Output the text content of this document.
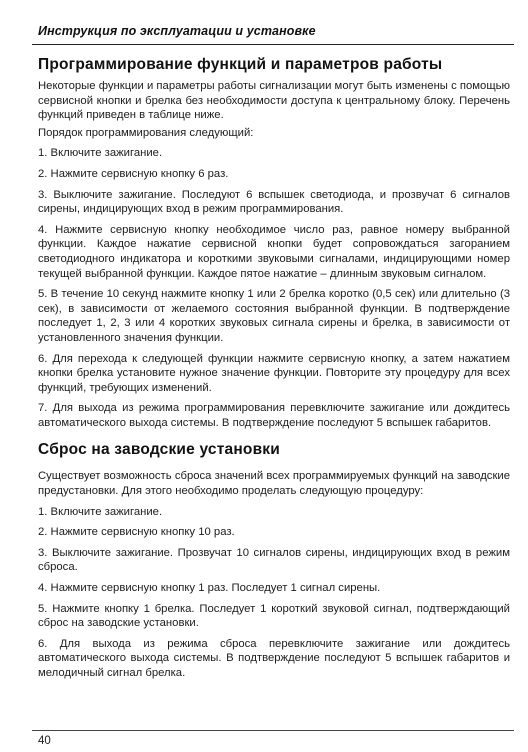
Инструкция по эксплуатации и установке
Программирование функций и параметров работы

Некоторые функции и параметры работы сигнализации могут быть изменены с помощью сервисной кнопки и брелка без необходимости доступа к центральному блоку. Перечень функций приведен в таблице ниже.

Порядок программирования следующий:

1. Включите зажигание.

2. Нажмите сервисную кнопку 6 раз.

3. Выключите зажигание. Последуют 6 вспышек светодиода, и прозвучат 6 сигналов сирены, индицирующих вход в режим программирования.

4. Нажмите сервисную кнопку необходимое число раз, равное номеру выбранной функции. Каждое нажатие сервисной кнопки будет сопровождаться загоранием светодиодного индикатора и короткими звуковыми сигналами, индицирующими номер текущей выбранной функции. Каждое пятое нажатие – длинным звуковым сигналом.

5. В течение 10 секунд нажмите кнопку 1 или 2 брелка коротко (0,5 сек) или длительно (3 сек), в зависимости от желаемого состояния выбранной функции. В подтверждение последует 1, 2, 3 или 4 коротких звуковых сигнала сирены и брелка, в зависимости от установленного значения функции.

6. Для перехода к следующей функции нажмите сервисную кнопку, а затем нажатием кнопки брелка установите нужное значение функции. Повторите эту процедуру для всех функций, требующих изменений.

7. Для выхода из режима программирования перевключите зажигание или дождитесь автоматического выхода системы. В подтверждение последуют 5 вспышек габаритов.

Сброс на заводские установки

Существует возможность сброса значений всех программируемых функций на заводские предустановки. Для этого необходимо проделать следующую процедуру:

1. Включите зажигание.

2. Нажмите сервисную кнопку 10 раз.

3. Выключите зажигание. Прозвучат 10 сигналов сирены, индицирующих вход в режим сброса.

4. Нажмите сервисную кнопку 1 раз. Последует 1 сигнал сирены.

5. Нажмите кнопку 1 брелка. Последует 1 короткий звуковой сигнал, подтверждающий сброс на заводские установки.

6. Для выхода из режима сброса перевключите зажигание или дождитесь автоматического выхода системы. В подтверждение последуют 5 вспышек габаритов и мелодичный сигнал брелка.

40
